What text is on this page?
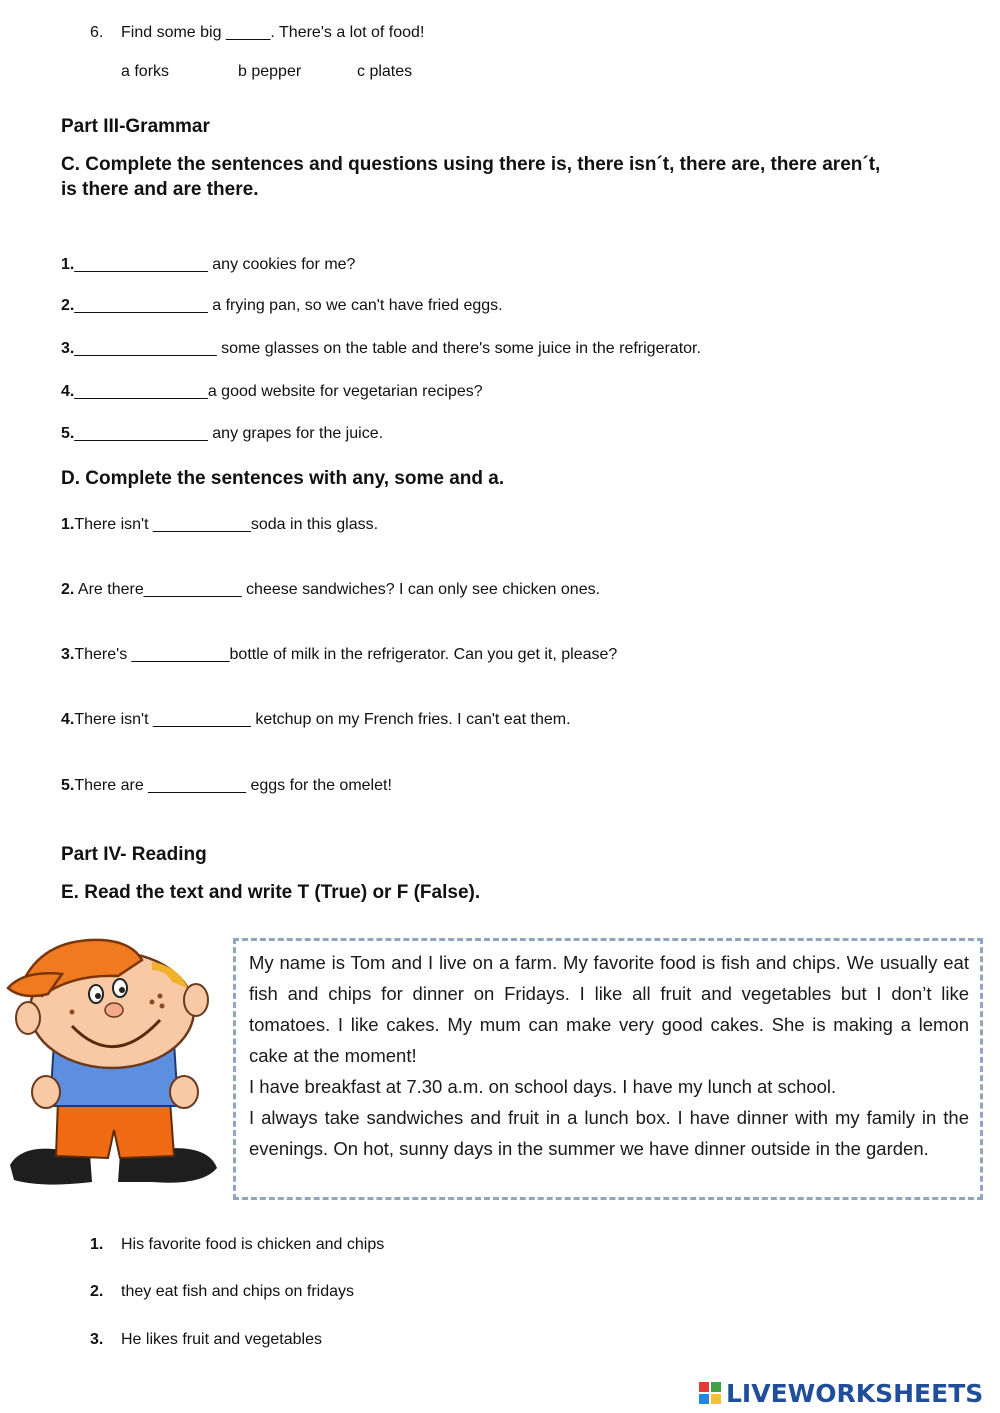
6. Find some big _____. There's a lot of food!
a forks	b pepper	c plates
Part III-Grammar
C. Complete the sentences and questions using there is, there isn´t, there are, there aren´t,
is there and are there.
1._______________ any cookies for me?
2._______________ a frying pan, so we can't have fried eggs.
3.________________ some glasses on the table and there's some juice in the refrigerator.
4._______________a good website for vegetarian recipes?
5._______________ any grapes for the juice.
D. Complete the sentences with any, some and a.
1.There isn't ___________soda in this glass.
2. Are there___________ cheese sandwiches? I can only see chicken ones.
3.There's ___________bottle of milk in the refrigerator. Can you get it, please?
4.There isn't ___________ ketchup on my French fries. I can't eat them.
5.There are ___________ eggs for the omelet!
Part IV- Reading
E. Read the text and write T (True) or F (False).

My name is Tom and I live on a farm. My favorite food is fish and chips. We usually eat fish and chips for dinner on Fridays. I like all fruit and vegetables but I don’t like tomatoes. I like cakes. My mum can make very good cakes. She is making a lemon cake at the moment!

I have breakfast at 7.30 a.m. on school days. I have my lunch at school.

I always take sandwiches and fruit in a lunch box. I have dinner with my family in the evenings. On hot, sunny days in the summer we have dinner outside in the garden.

1. His favorite food is chicken and chips
2. they eat fish and chips on fridays
3. He likes fruit and vegetables
LIVEWORKSHEETS
